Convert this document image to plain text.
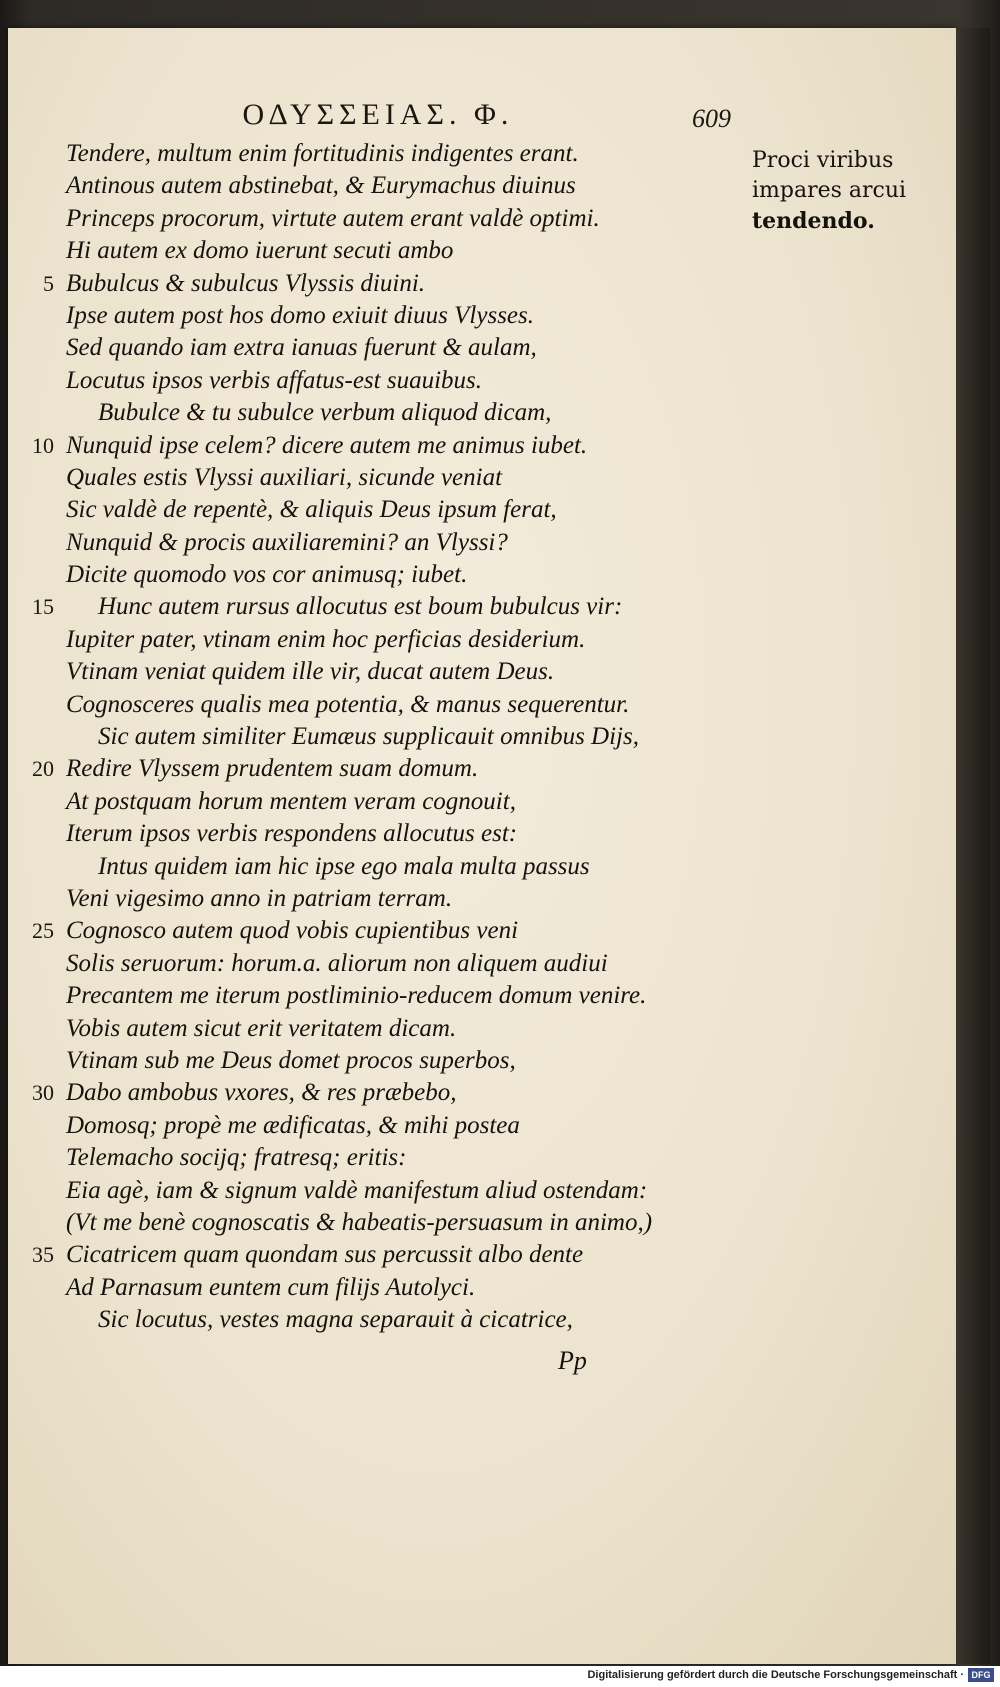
ΟΔΥΣΣΕΙΑΣ. Φ.	609
Proci viribus
impares arcui
tendendo.
Tendere, multum enim fortitudinis indigentes erant.
Antinous autem abstinebat, & Eurymachus diuinus
Princeps procorum, virtute autem erant valdè optimi.
Hi autem ex domo iuerunt secuti ambo
5 Bubulcus & subulcus Vlyssis diuini.
Ipse autem post hos domo exiuit diuus Vlysses.
Sed quando iam extra ianuas fuerunt & aulam,
Locutus ipsos verbis affatus-est suauibus.
Bubulce & tu subulce verbum aliquod dicam,
10 Nunquid ipse celem? dicere autem me animus iubet.
Quales estis Vlyssi auxiliari, sicunde veniat
Sic valdè de repentè, & aliquis Deus ipsum ferat,
Nunquid & procis auxiliaremini? an Vlyssi?
Dicite quomodo vos cor animusq; iubet.
15 Hunc autem rursus allocutus est boum bubulcus vir:
Iupiter pater, vtinam enim hoc perficias desiderium.
Vtinam veniat quidem ille vir, ducat autem Deus.
Cognosceres qualis mea potentia, & manus sequerentur.
Sic autem similiter Eumæus supplicauit omnibus Dijs,
20 Redire Vlyssem prudentem suam domum.
At postquam horum mentem veram cognouit,
Iterum ipsos verbis respondens allocutus est:
Intus quidem iam hic ipse ego mala multa passus
Veni vigesimo anno in patriam terram.
25 Cognosco autem quod vobis cupientibus veni
Solis seruorum: horum.a. aliorum non aliquem audiui
Precantem me iterum postliminio-reducem domum venire.
Vobis autem sicut erit veritatem dicam.
Vtinam sub me Deus domet procos superbos,
30 Dabo ambobus vxores, & res præbebo,
Domosq; propè me ædificatas, & mihi postea
Telemacho socijq; fratresq; eritis:
Eia agè, iam & signum valdè manifestum aliud ostendam:
(Vt me benè cognoscatis & habeatis-persuasum in animo,)
35 Cicatricem quam quondam sus percussit albo dente
Ad Parnasum euntem cum filijs Autolyci.
Sic locutus, vestes magna separauit à cicatrice,
Pp
Digitalisierung gefördert durch die Deutsche Forschungsgemeinschaft · DFG
